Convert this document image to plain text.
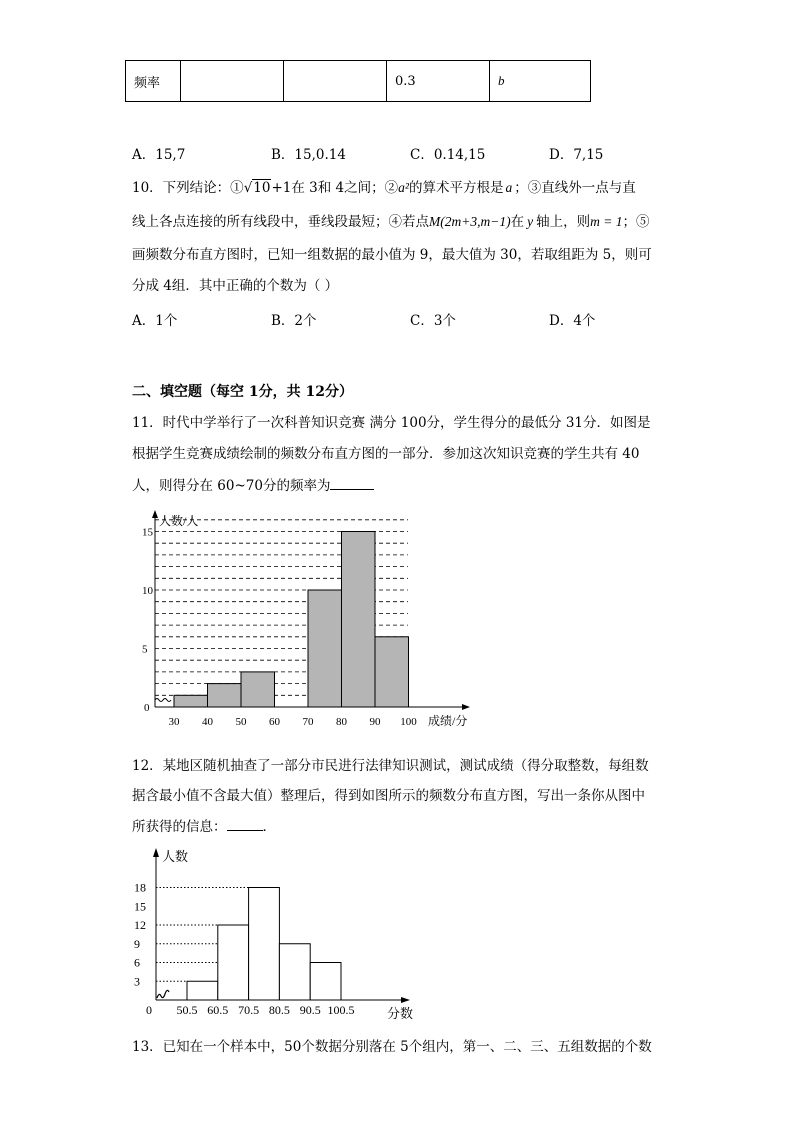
频率			0.3	b
A．15,7	B．15,0.14	C．0.14,15	D．7,15
10．下列结论：①√10+1在 3和 4之间；②a²的算术平方根是 a ；③直线外一点与直
线上各点连接的所有线段中，垂线段最短；④若点M(2m+3,m−1)在 y 轴上，则m = 1；⑤
画频数分布直方图时，已知一组数据的最小值为 9，最大值为 30，若取组距为 5，则可
分成 4组．其中正确的个数为（ ）
A．1个	B．2个	C．3个	D．4个
二、填空题（每空 1分，共 12分）
11．时代中学举行了一次科普知识竞赛 满分 100分，学生得分的最低分 31分．如图是
根据学生竞赛成绩绘制的频数分布直方图的一部分．参加这次知识竞赛的学生共有 40
人，则得分在 60~70分的频率为
0
人数/人
成绩/分
5
10
15
30 40 50 60 70 80 90 100
12．某地区随机抽查了一部分市民进行法律知识测试，测试成绩（得分取整数，每组数
据含最小值不含最大值）整理后，得到如图所示的频数分布直方图，写出一条你从图中
所获得的信息：	．
0
人数
分数
3
6
9
12
15
18
50.5 60.5 70.5 80.5 90.5 100.5
13．已知在一个样本中，50个数据分别落在 5个组内，第一、二、三、五组数据的个数
